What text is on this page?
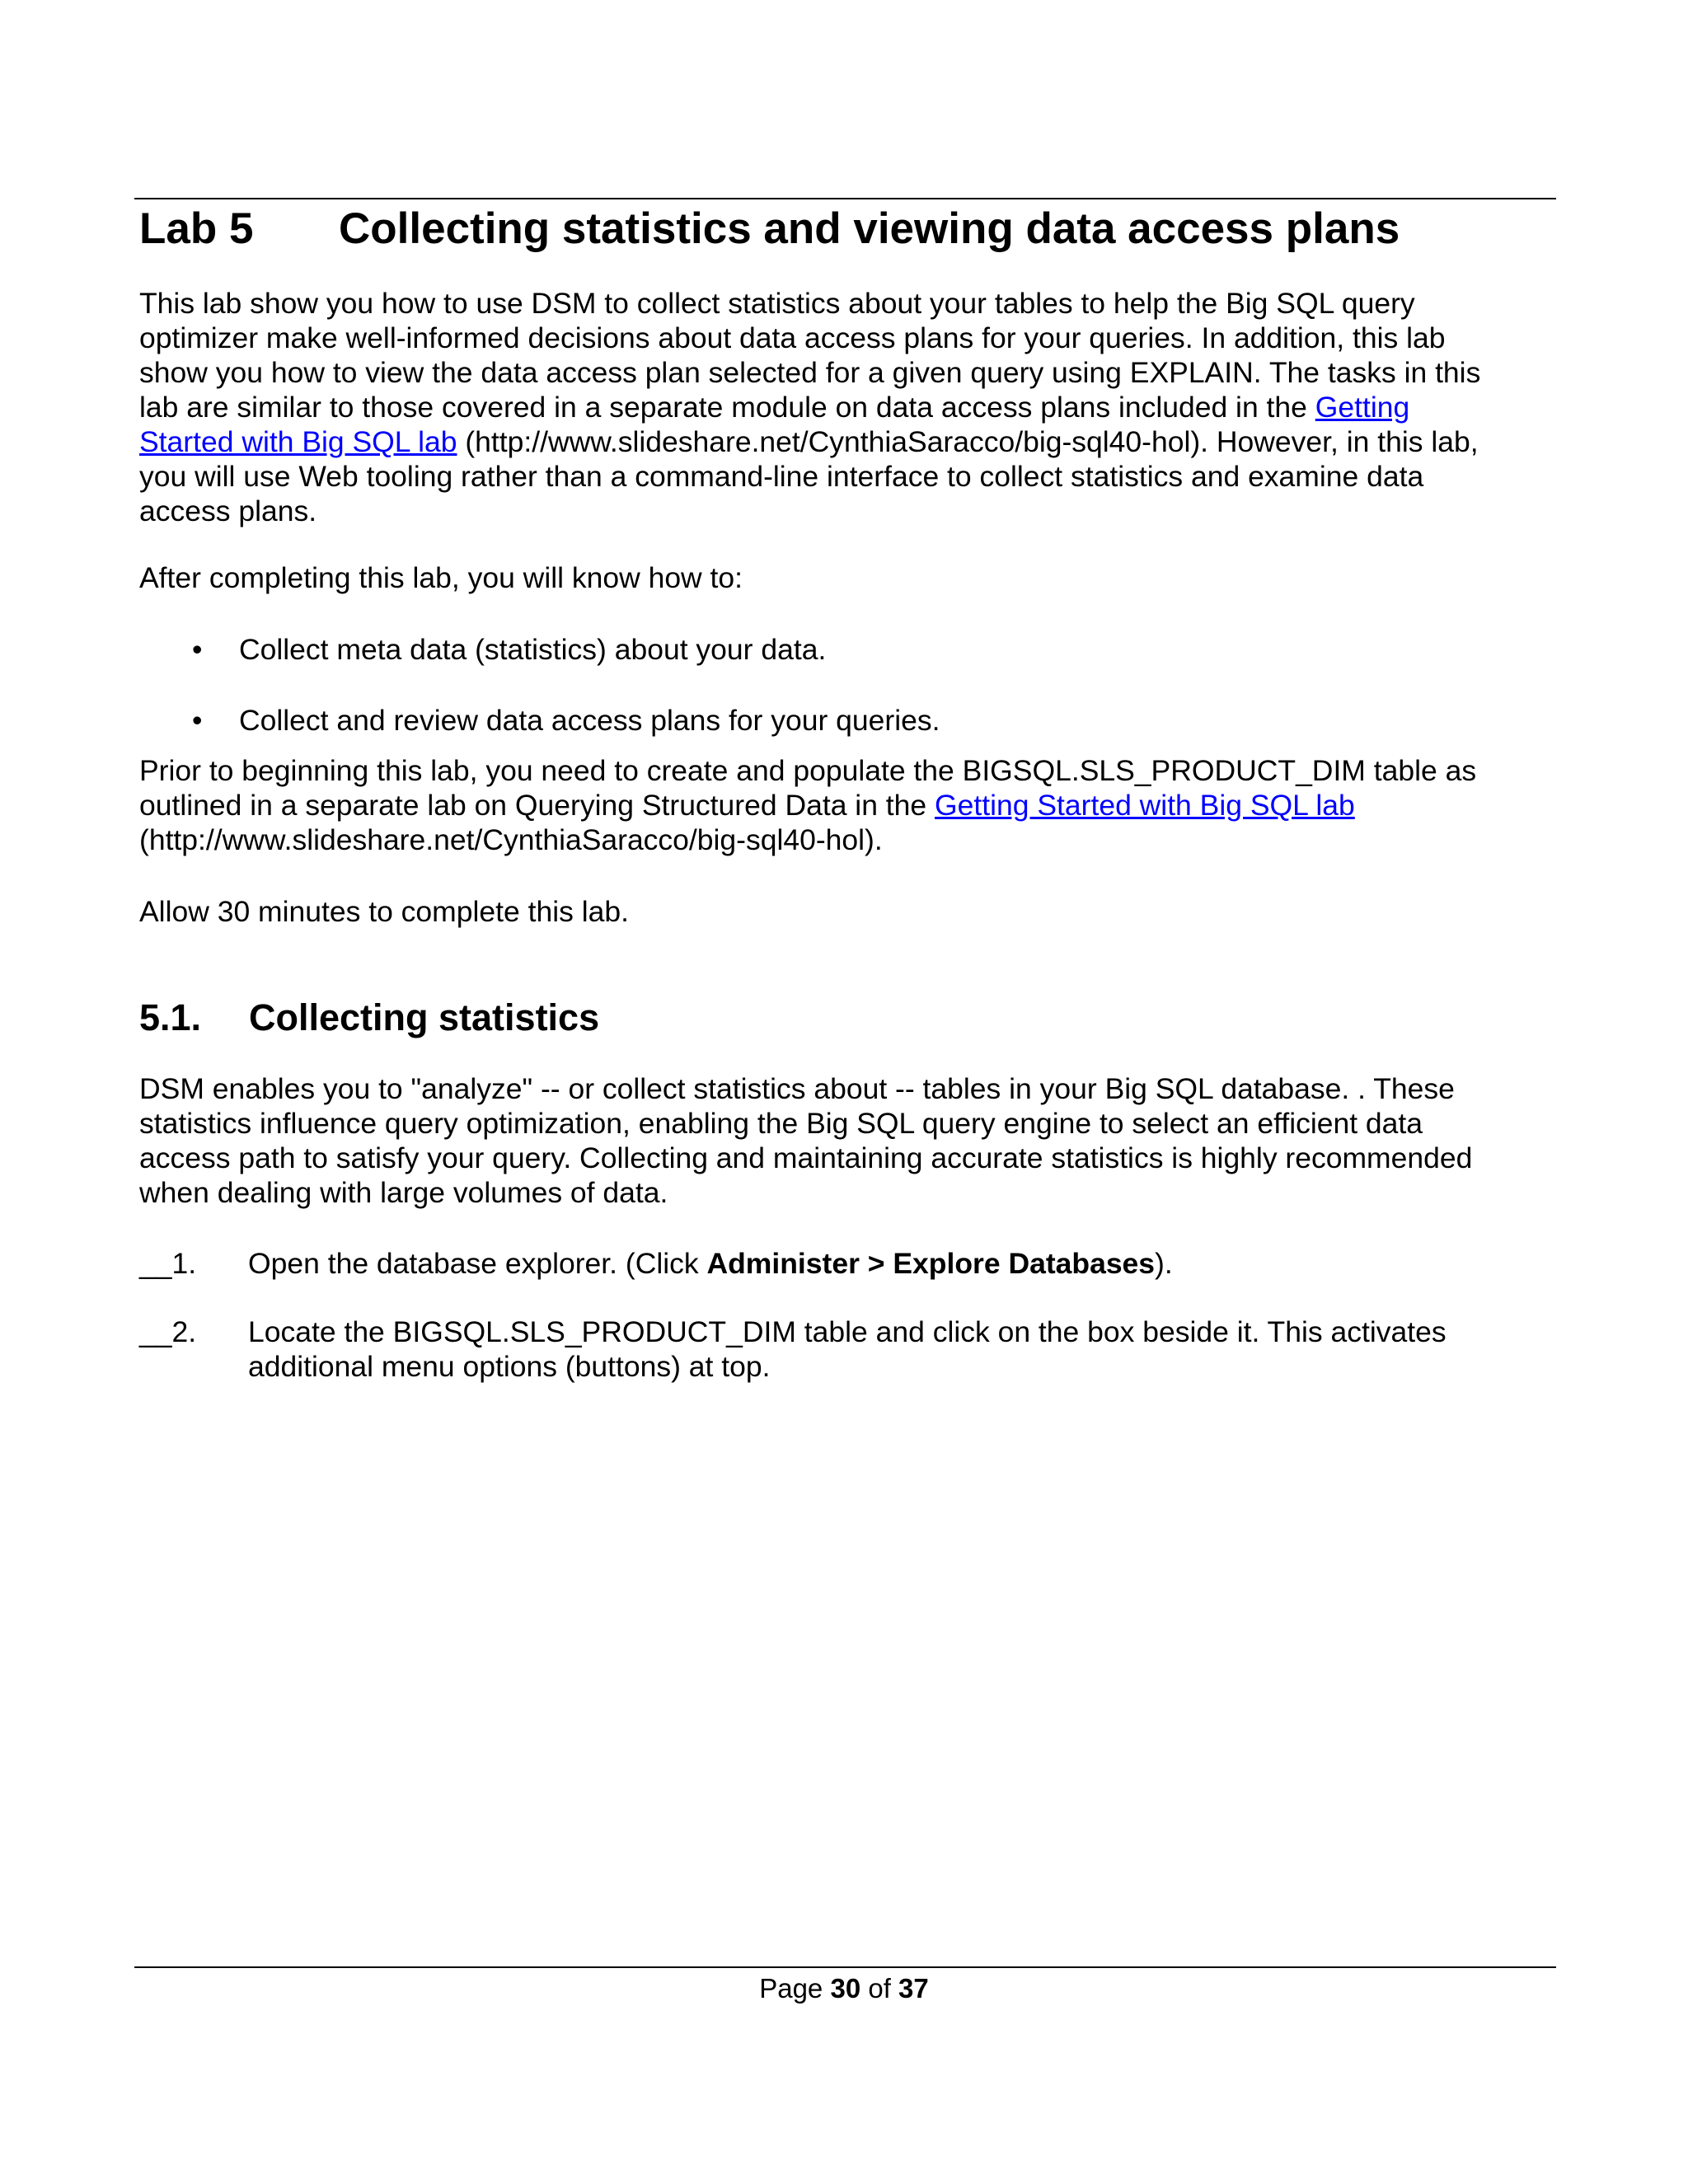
Lab 5 Collecting statistics and viewing data access plans
This lab show you how to use DSM to collect statistics about your tables to help the Big SQL query
optimizer make well-informed decisions about data access plans for your queries. In addition, this lab
show you how to view the data access plan selected for a given query using EXPLAIN. The tasks in this
lab are similar to those covered in a separate module on data access plans included in the Getting
Started with Big SQL lab (http://www.slideshare.net/CynthiaSaracco/big-sql40-hol). However, in this lab,
you will use Web tooling rather than a command-line interface to collect statistics and examine data
access plans.
After completing this lab, you will know how to:
• Collect meta data (statistics) about your data.
• Collect and review data access plans for your queries.
Prior to beginning this lab, you need to create and populate the BIGSQL.SLS_PRODUCT_DIM table as
outlined in a separate lab on Querying Structured Data in the Getting Started with Big SQL lab
(http://www.slideshare.net/CynthiaSaracco/big-sql40-hol).
Allow 30 minutes to complete this lab.
5.1. Collecting statistics
DSM enables you to "analyze" -- or collect statistics about -- tables in your Big SQL database. . These
statistics influence query optimization, enabling the Big SQL query engine to select an efficient data
access path to satisfy your query. Collecting and maintaining accurate statistics is highly recommended
when dealing with large volumes of data.
__1. Open the database explorer. (Click Administer > Explore Databases).
__2. Locate the BIGSQL.SLS_PRODUCT_DIM table and click on the box beside it. This activates
additional menu options (buttons) at top.
Page 30 of 37
